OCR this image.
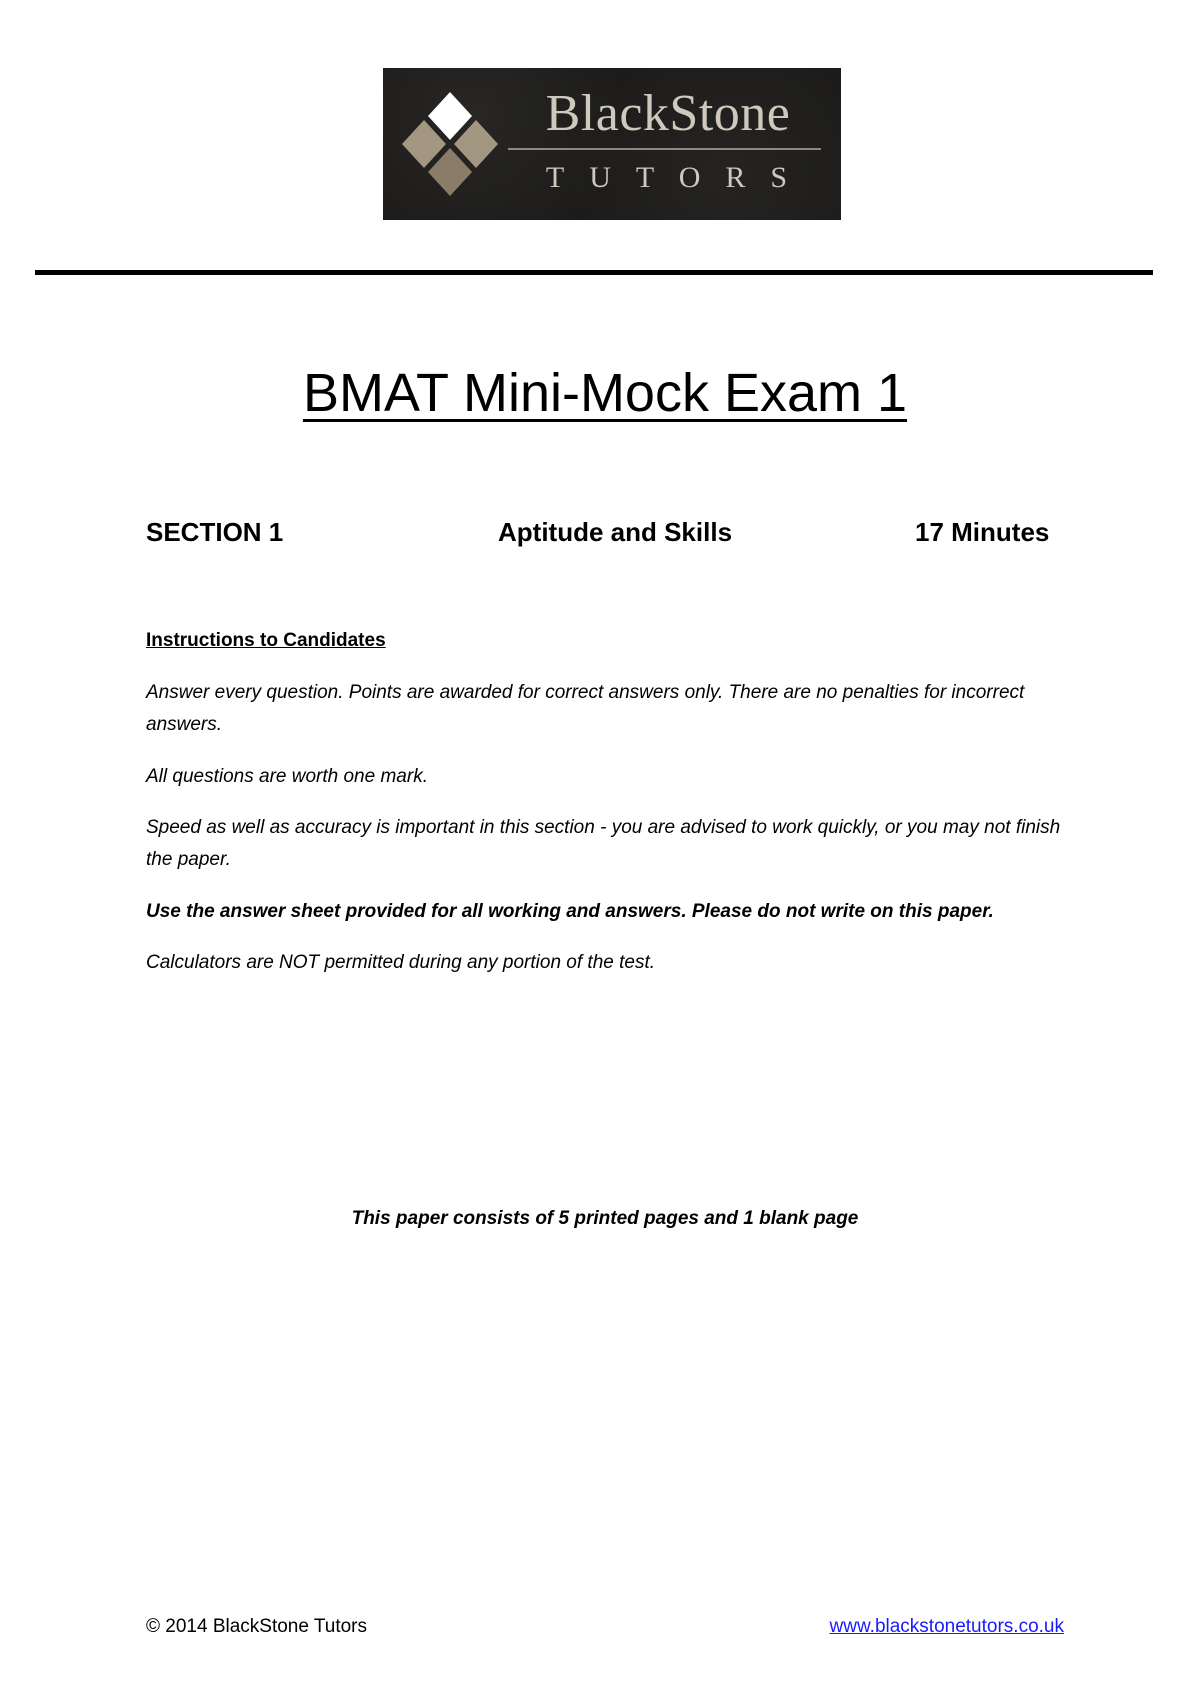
BlackStone
TUTORS
BMAT Mini-Mock Exam 1
SECTION 1	Aptitude and Skills	17 Minutes
Instructions to Candidates

Answer every question. Points are awarded for correct answers only. There are no penalties for incorrect answers.

All questions are worth one mark.

Speed as well as accuracy is important in this section - you are advised to work quickly, or you may not finish the paper.

Use the answer sheet provided for all working and answers. Please do not write on this paper.

Calculators are NOT permitted during any portion of the test.

This paper consists of 5 printed pages and 1 blank page
© 2014 BlackStone Tutors	www.blackstonetutors.co.uk
